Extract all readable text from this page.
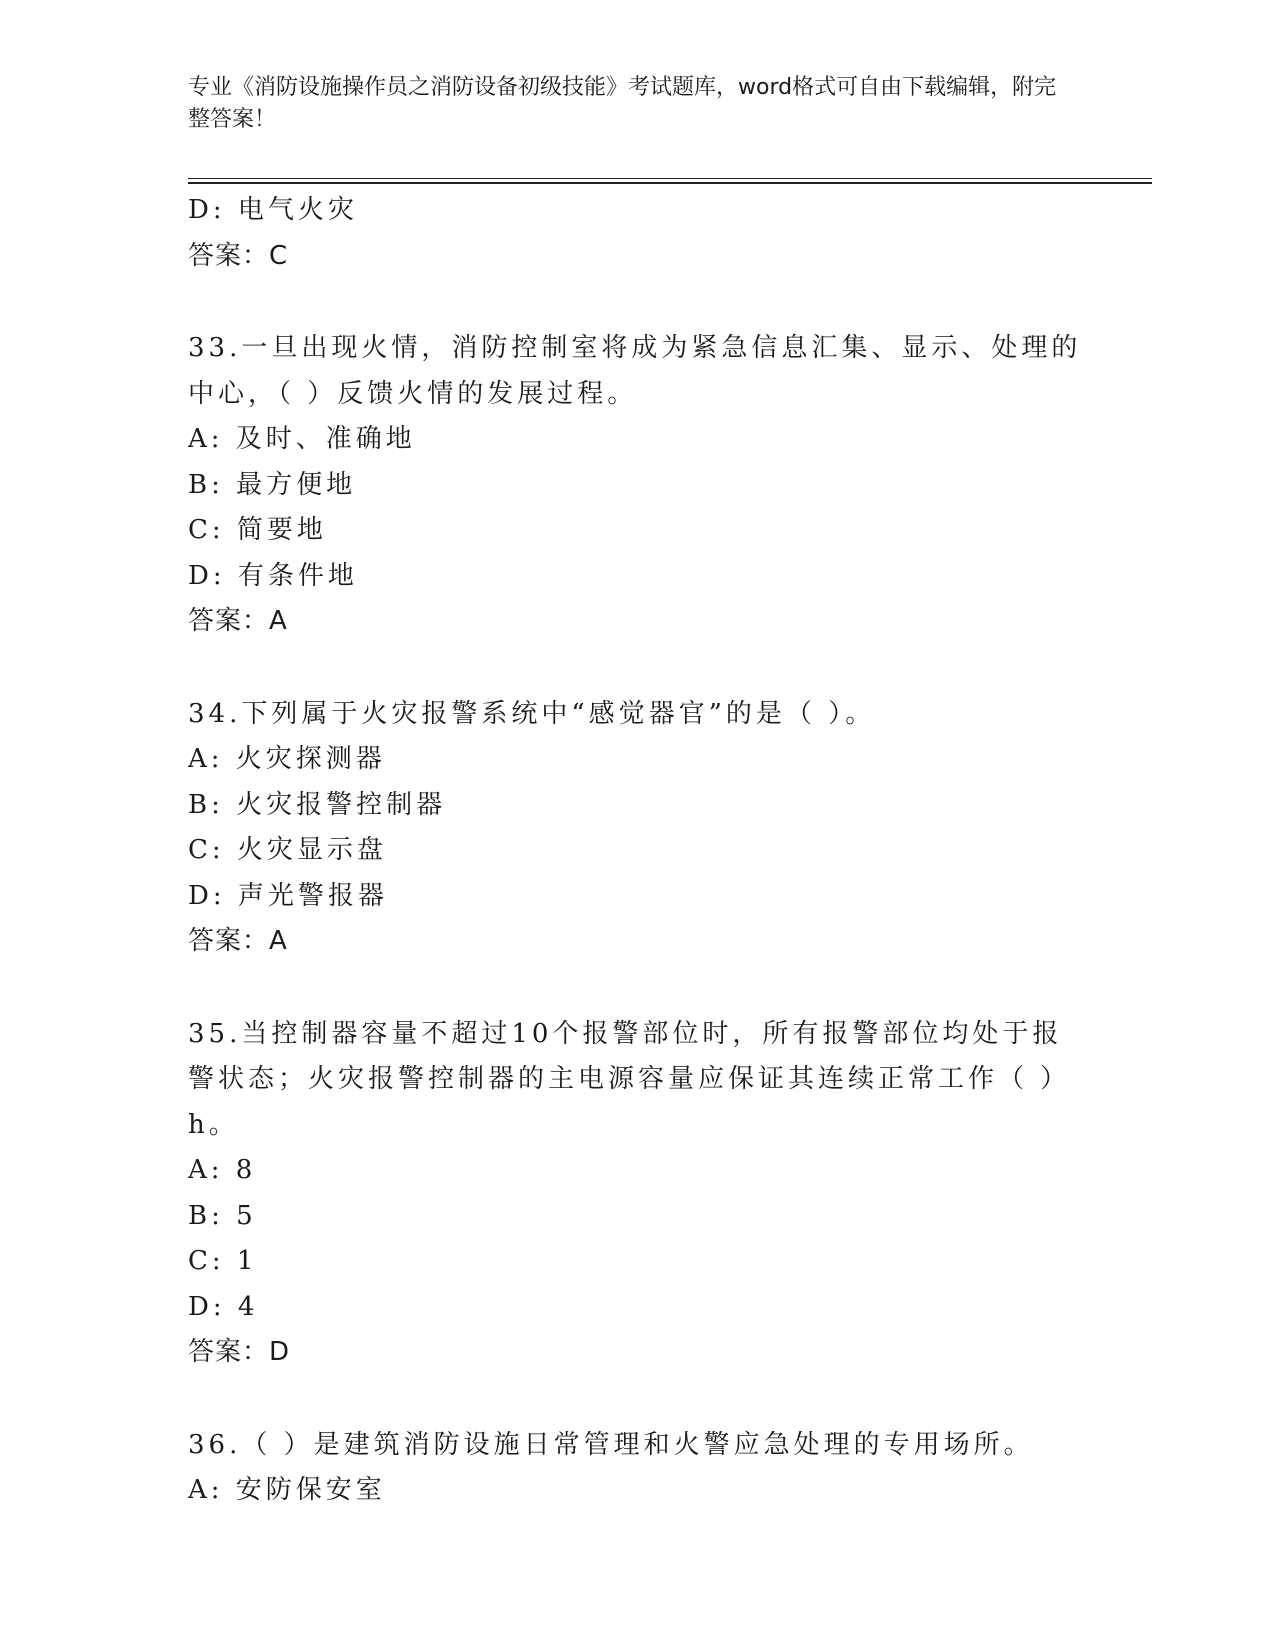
专业《消防设施操作员之消防设备初级技能》考试题库，word格式可自由下载编辑，附完整答案！
D: 电气火灾
答案：C
33.一旦出现火情，消防控制室将成为紧急信息汇集、显示、处理的中心，（ ）反馈火情的发展过程。
A: 及时、准确地
B: 最方便地
C: 简要地
D: 有条件地
答案：A
34.下列属于火灾报警系统中“感觉器官”的是（ ）。
A: 火灾探测器
B: 火灾报警控制器
C: 火灾显示盘
D: 声光警报器
答案：A
35.当控制器容量不超过10个报警部位时，所有报警部位均处于报警状态；火灾报警控制器的主电源容量应保证其连续正常工作（ ）h。
A: 8
B: 5
C: 1
D: 4
答案：D
36.（ ）是建筑消防设施日常管理和火警应急处理的专用场所。
A: 安防保安室
